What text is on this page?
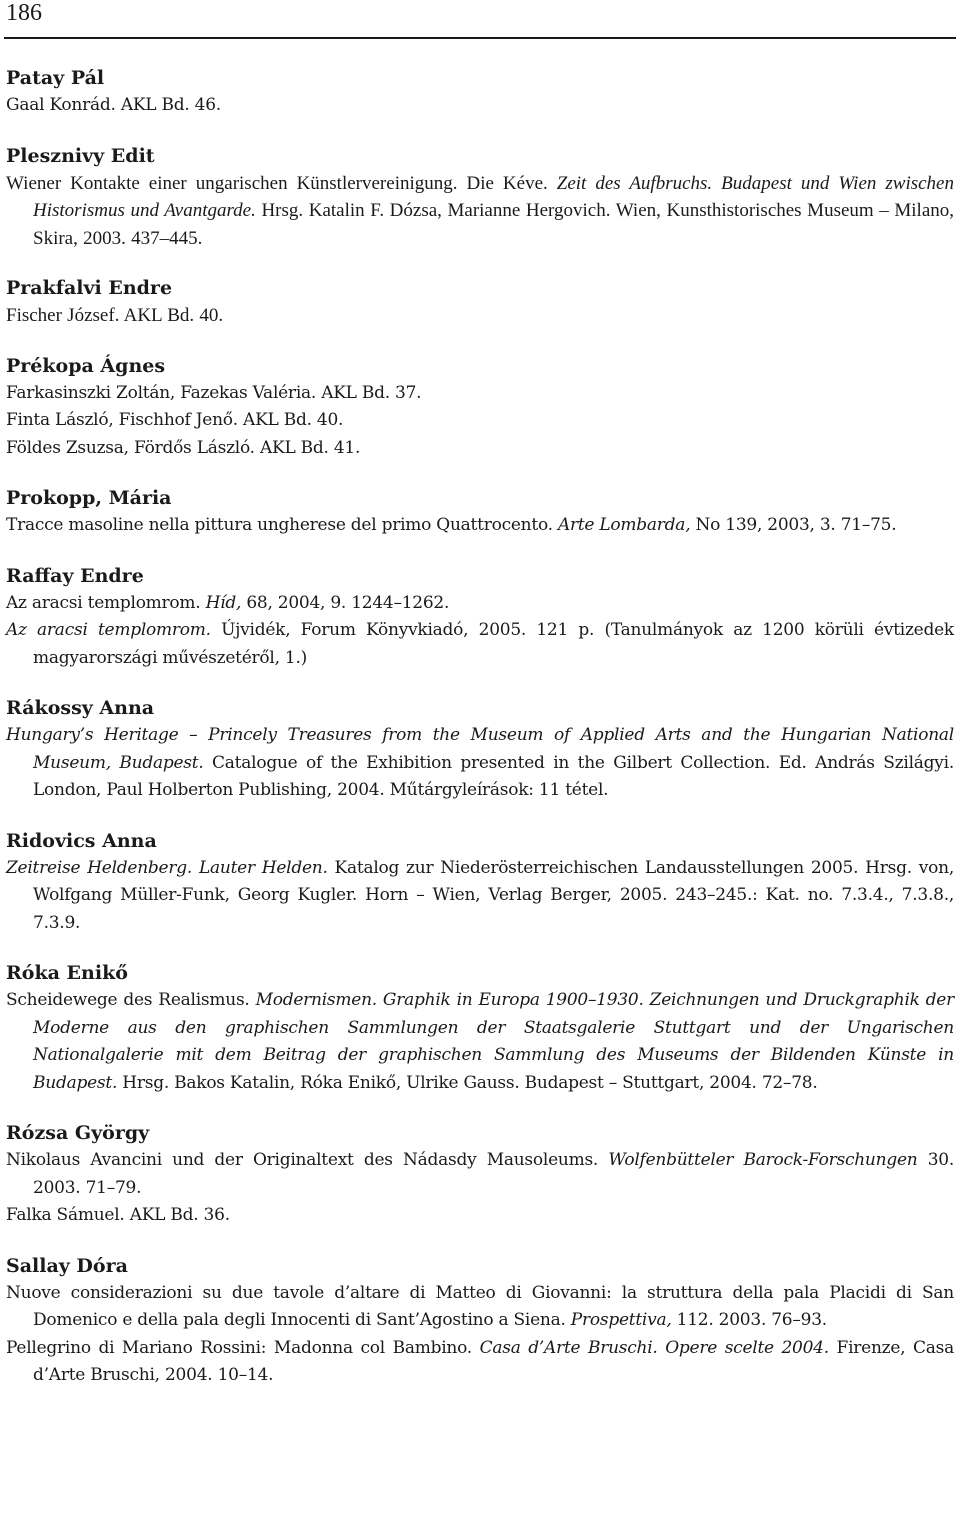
186
Patay Pál

Gaal Konrád. AKL Bd. 46.

Plesznivy Edit

Wiener Kontakte einer ungarischen Künstlervereinigung. Die Kéve. Zeit des Aufbruchs. Budapest und Wien zwischen Historismus und Avantgarde. Hrsg. Katalin F. Dózsa, Marianne Hergovich. Wien, Kunsthistorisches Museum – Milano, Skira, 2003. 437–445.

Prakfalvi Endre

Fischer József. AKL Bd. 40.

Prékopa Ágnes

Farkasinszki Zoltán, Fazekas Valéria. AKL Bd. 37.

Finta László, Fischhof Jenő. AKL Bd. 40.

Földes Zsuzsa, Fördős László. AKL Bd. 41.

Prokopp, Mária

Tracce masoline nella pittura ungherese del primo Quattrocento. Arte Lombarda, No 139, 2003, 3. 71–75.

Raffay Endre

Az aracsi templomrom. Híd, 68, 2004, 9. 1244–1262.

Az aracsi templomrom. Újvidék, Forum Könyvkiadó, 2005. 121 p. (Tanulmányok az 1200 körüli évtizedek magyarországi művészetéről, 1.)

Rákossy Anna

Hungary’s Heritage – Princely Treasures from the Museum of Applied Arts and the Hungarian National Museum, Budapest. Catalogue of the Exhibition presented in the Gilbert Collection. Ed. András Szilágyi. London, Paul Holberton Publishing, 2004. Műtárgyleírások: 11 tétel.

Ridovics Anna

Zeitreise Heldenberg. Lauter Helden. Katalog zur Niederösterreichischen Landausstellungen 2005. Hrsg. von, Wolfgang Müller-Funk, Georg Kugler. Horn – Wien, Verlag Berger, 2005. 243–245.: Kat. no. 7.3.4., 7.3.8., 7.3.9.

Róka Enikő

Scheidewege des Realismus. Modernismen. Graphik in Europa 1900–1930. Zeichnungen und Druckgraphik der Moderne aus den graphischen Sammlungen der Staatsgalerie Stuttgart und der Ungarischen Nationalgalerie mit dem Beitrag der graphischen Sammlung des Museums der Bildenden Künste in Budapest. Hrsg. Bakos Katalin, Róka Enikő, Ulrike Gauss. Budapest – Stuttgart, 2004. 72–78.

Rózsa György

Nikolaus Avancini und der Originaltext des Nádasdy Mausoleums. Wolfenbütteler Barock-Forschungen 30. 2003. 71–79.

Falka Sámuel. AKL Bd. 36.

Sallay Dóra

Nuove considerazioni su due tavole d’altare di Matteo di Giovanni: la struttura della pala Placidi di San Domenico e della pala degli Innocenti di Sant’Agostino a Siena. Prospettiva, 112. 2003. 76–93.

Pellegrino di Mariano Rossini: Madonna col Bambino. Casa d’Arte Bruschi. Opere scelte 2004. Firenze, Casa d’Arte Bruschi, 2004. 10–14.
